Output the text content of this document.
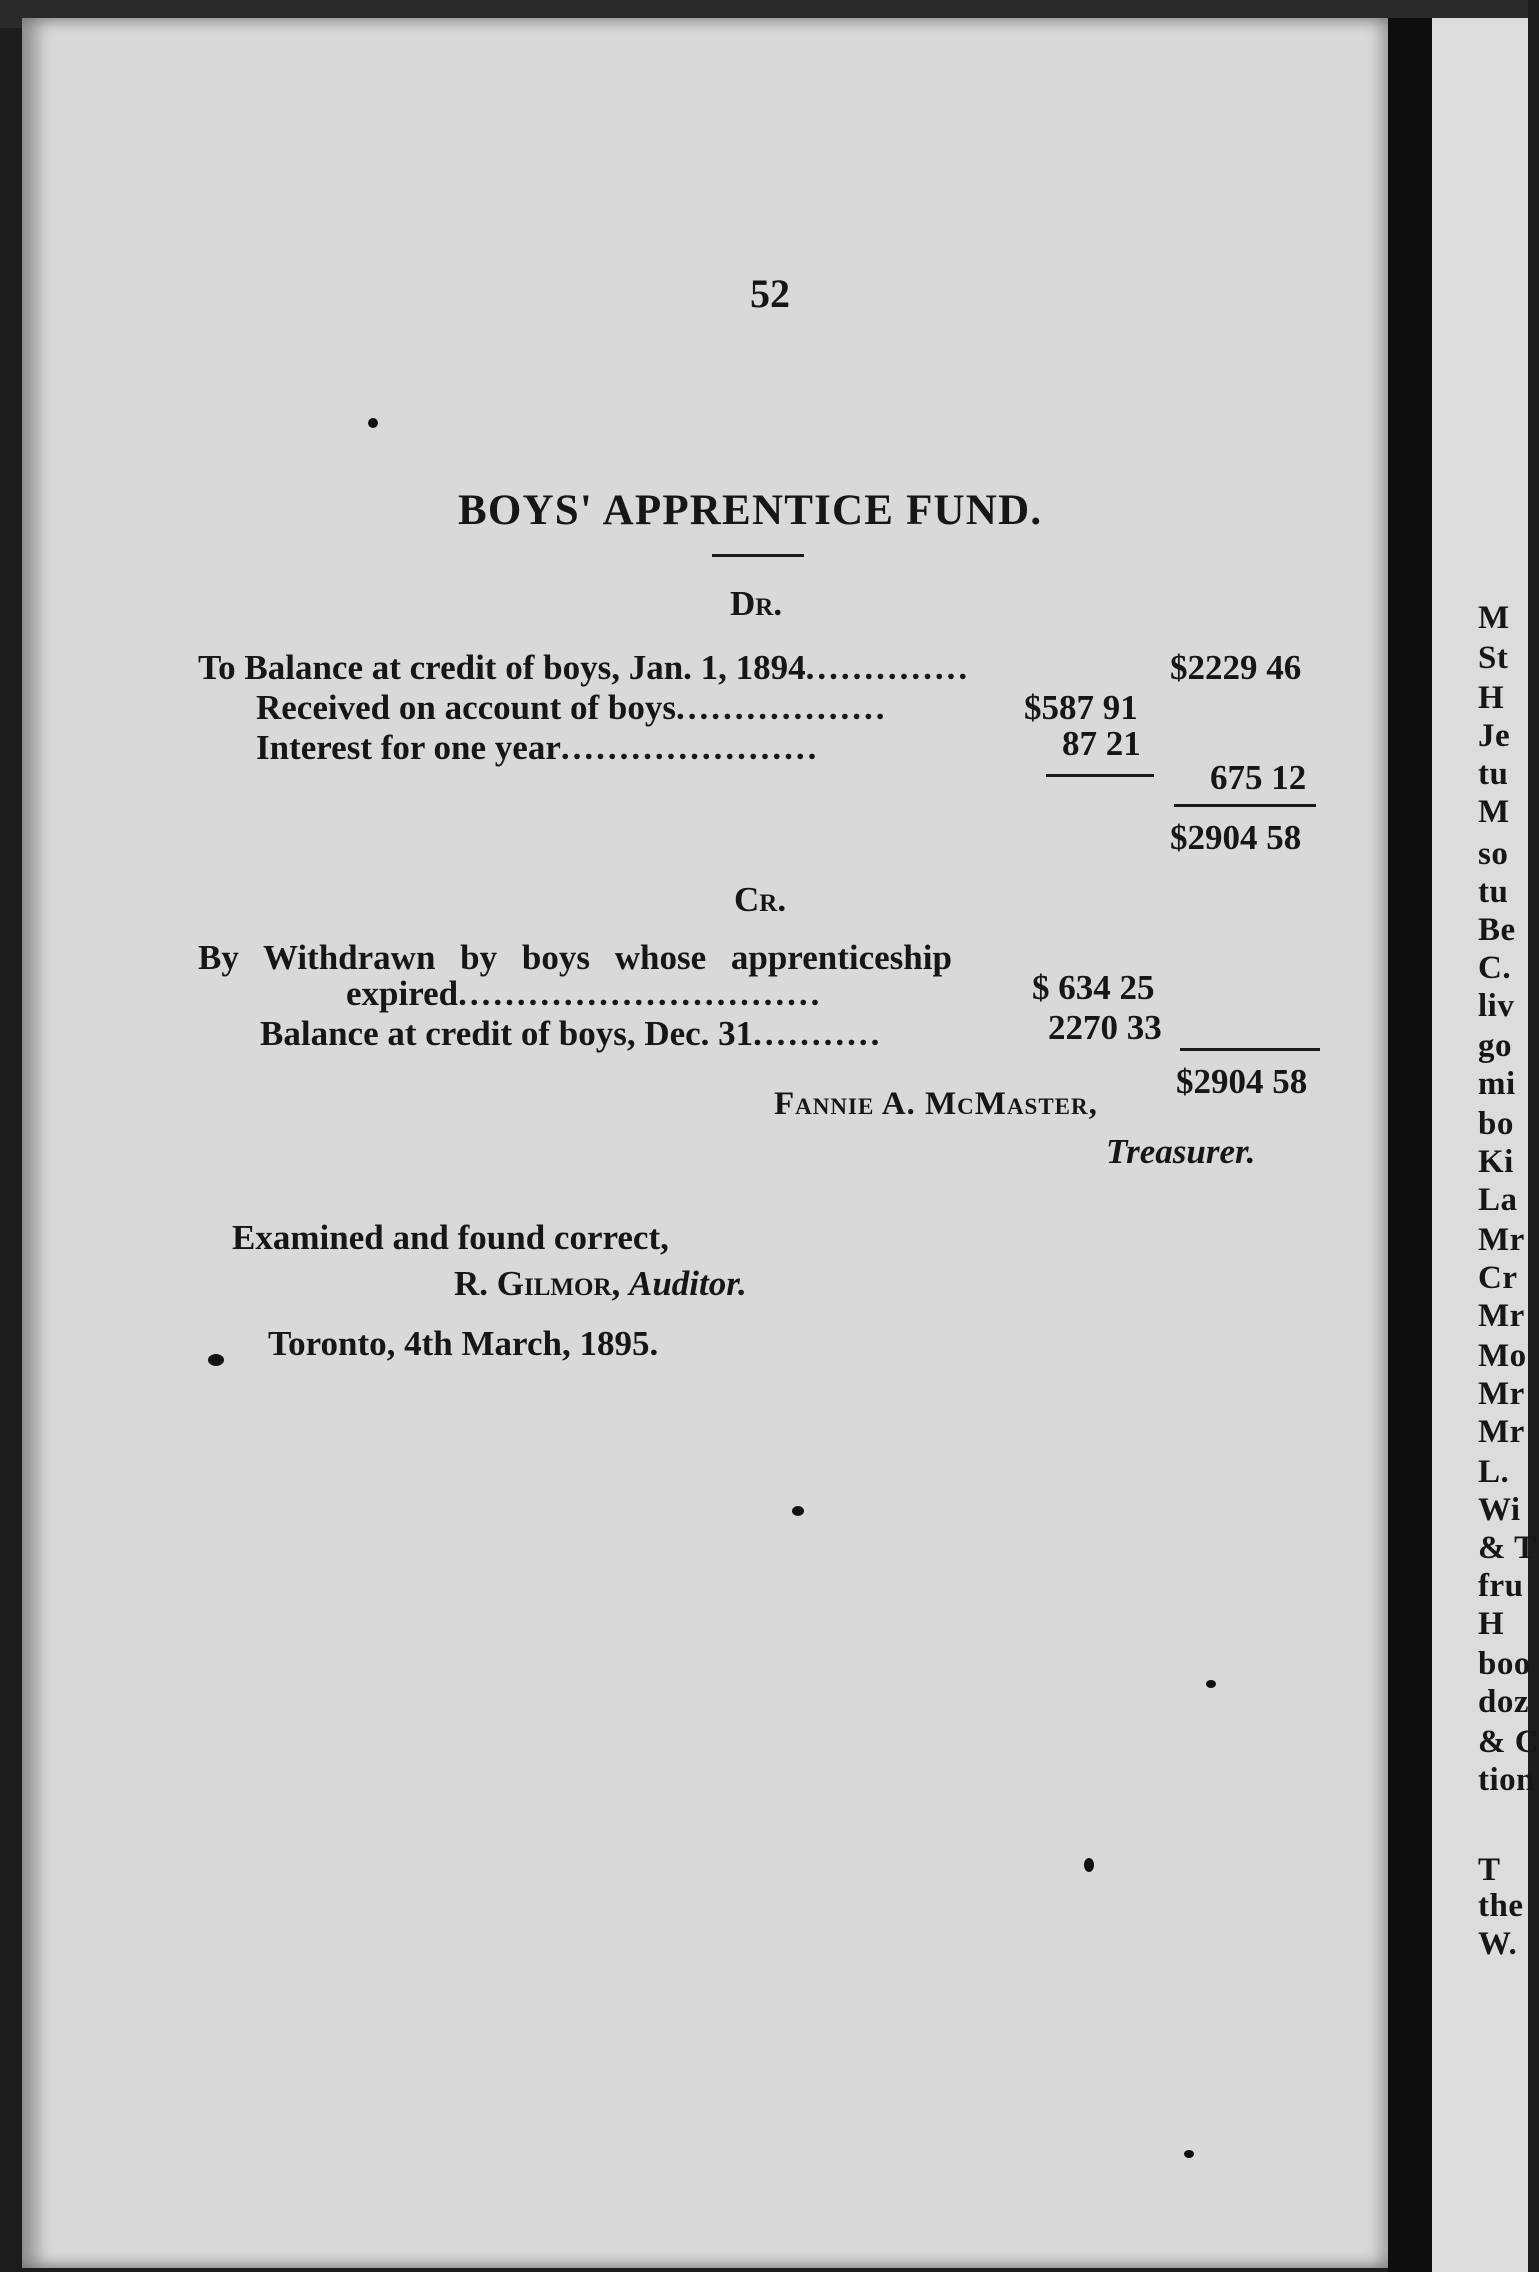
52
BOYS' APPRENTICE FUND.
Dr.
To Balance at credit of boys, Jan. 1, 1894..............	$2229 46
Received on account of boys..................	$587 91
Interest for one year......................	87 21
675 12
$2904 58
Cr.
By Withdrawn by boys whose apprenticeship
expired...............................	$ 634 25
Balance at credit of boys, Dec. 31...........	2270 33
$2904 58
Fannie A. McMaster,
Treasurer.
Examined and found correct,
R. Gilmor, Auditor.
Toronto, 4th March, 1895.
M
St
H
Je
tu
M
so
tu
Be
C.
liv
go
mi
bo
Ki
La
Mr
Cr
Mr
Mo
Mr
Mr
L.
Wi
& T
fru
H
boo
doz
& C
tion
T
the
W.
